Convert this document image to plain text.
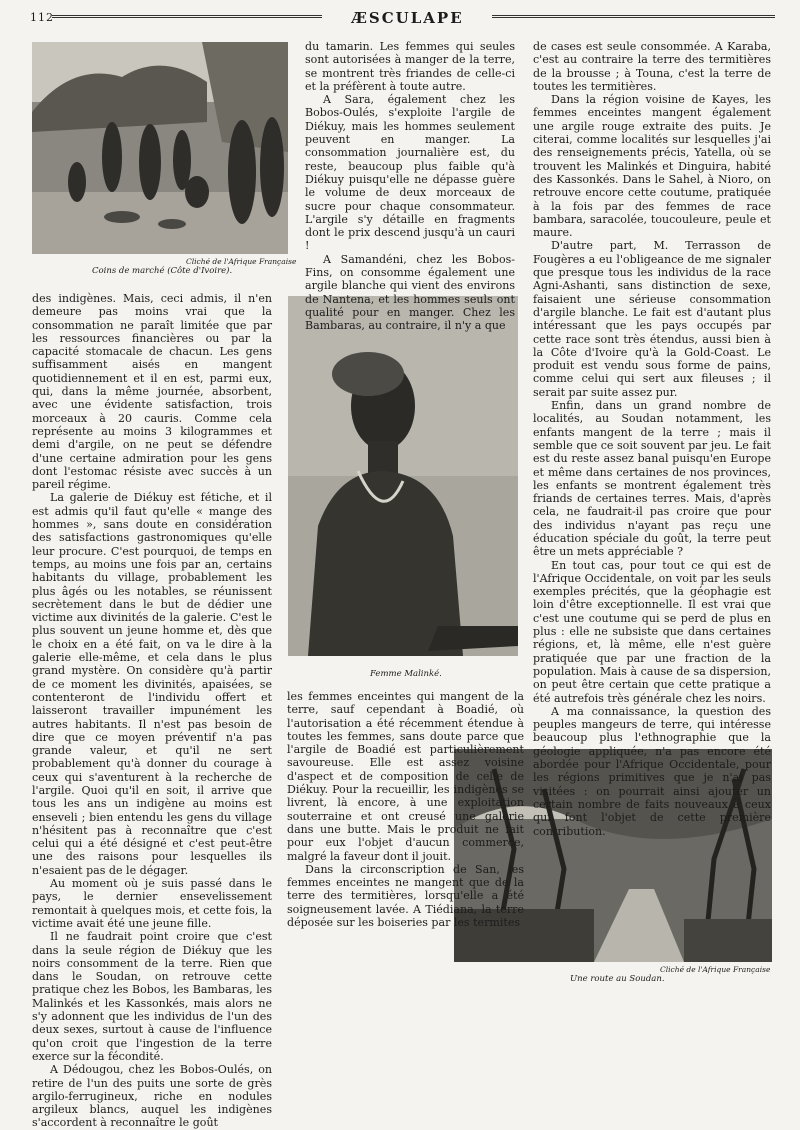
112	ÆSCULAPE
Cliché de l'Afrique Française
Coins de marché (Côte d'Ivoire).
Femme Malinké.
Cliché de l'Afrique Française
Une route au Soudan.

du tamarin. Les femmes qui seules sont autorisées à manger de la terre, se montrent très friandes de celle-ci et la préfèrent à toute autre.

A Sara, également chez les Bobos-Oulés, s'exploite l'argile de Diékuy, mais les hommes seulement peuvent en manger. La consommation journalière est, du reste, beaucoup plus faible qu'à Diékuy puisqu'elle ne dépasse guère le volume de deux morceaux de sucre pour chaque consommateur. L'argile s'y détaille en fragments dont le prix descend jusqu'à un cauri !

A Samandéni, chez les Bobos-Fins, on consomme également une argile blanche qui vient des environs de Nantena, et les hommes seuls ont qualité pour en manger. Chez les Bambaras, au contraire, il n'y a que

de cases est seule consommée. A Karaba, c'est au contraire la terre des termitières de la brousse ; à Touna, c'est la terre de toutes les termitières.

Dans la région voisine de Kayes, les femmes enceintes mangent également une argile rouge extraite des puits. Je citerai, comme localités sur lesquelles j'ai des renseignements précis, Yatella, où se trouvent les Malinkés et Dinguira, habité des Kassonkés. Dans le Sahel, à Nioro, on retrouve encore cette coutume, pratiquée à la fois par des femmes de race bambara, saracolée, toucouleure, peule et maure.

D'autre part, M. Terrasson de Fougères a eu l'obligeance de me signaler que presque tous les individus de la race Agni-Ashanti, sans distinction de sexe, faisaient une sérieuse consommation d'argile blanche. Le fait est d'autant plus intéressant que les pays occupés par cette race sont très étendus, aussi bien à la Côte d'Ivoire qu'à la Gold-Coast. Le produit est vendu sous forme de pains, comme celui qui sert aux fileuses ; il serait par suite assez pur.

Enfin, dans un grand nombre de localités, au Soudan notamment, les enfants mangent de la terre ; mais il semble que ce soit souvent par jeu. Le fait est du reste assez banal puisqu'en Europe et même dans certaines de nos provinces, les enfants se montrent également très friands de certaines terres. Mais, d'après cela, ne faudrait-il pas croire que pour des individus n'ayant pas reçu une éducation spéciale du goût, la terre peut être un mets appréciable ?

En tout cas, pour tout ce qui est de l'Afrique Occidentale, on voit par les seuls exemples précités, que la géophagie est loin d'être exceptionnelle. Il est vrai que c'est une coutume qui se perd de plus en plus : elle ne subsiste que dans certaines régions, et, là même, elle n'est guère pratiquée que par une fraction de la population. Mais à cause de sa dispersion, on peut être certain que cette pratique a été autrefois très générale chez les noirs.

A ma connaissance, la question des peuples mangeurs de terre, qui intéresse beaucoup plus l'ethnographie que la géologie appliquée, n'a pas encore été abordée pour l'Afrique Occidentale, pour les régions primitives que je n'ai pas visitées : on pourrait ainsi ajouter un certain nombre de faits nouveaux à ceux qui font l'objet de cette première contribution.

des indigènes. Mais, ceci admis, il n'en demeure pas moins vrai que la consommation ne paraît limitée que par les ressources financières ou par la capacité stomacale de chacun. Les gens suffisamment aisés en mangent quotidiennement et il en est, parmi eux, qui, dans la même journée, absorbent, avec une évidente satisfaction, trois morceaux à 20 cauris. Comme cela représente au moins 3 kilogrammes et demi d'argile, on ne peut se défendre d'une certaine admiration pour les gens dont l'estomac résiste avec succès à un pareil régime.

La galerie de Diékuy est fétiche, et il est admis qu'il faut qu'elle « mange des hommes », sans doute en considération des satisfactions gastronomiques qu'elle leur procure. C'est pourquoi, de temps en temps, au moins une fois par an, certains habitants du village, probablement les plus âgés ou les notables, se réunissent secrètement dans le but de dédier une victime aux divinités de la galerie. C'est le plus souvent un jeune homme et, dès que le choix en a été fait, on va le dire à la galerie elle-même, et cela dans le plus grand mystère. On considère qu'à partir de ce moment les divinités, apaisées, se contenteront de l'individu offert et laisseront travailler impunément les autres habitants. Il n'est pas besoin de dire que ce moyen préventif n'a pas grande valeur, et qu'il ne sert probablement qu'à donner du courage à ceux qui s'aventurent à la recherche de l'argile. Quoi qu'il en soit, il arrive que tous les ans un indigène au moins est enseveli ; bien entendu les gens du village n'hésitent pas à reconnaître que c'est celui qui a été désigné et c'est peut-être une des raisons pour lesquelles ils n'esaient pas de le dégager.

Au moment où je suis passé dans le pays, le dernier ensevelissement remontait à quelques mois, et cette fois, la victime avait été une jeune fille.

Il ne faudrait point croire que c'est dans la seule région de Diékuy que les noirs consomment de la terre. Rien que dans le Soudan, on retrouve cette pratique chez les Bobos, les Bambaras, les Malinkés et les Kassonkés, mais alors ne s'y adonnent que les individus de l'un des deux sexes, surtout à cause de l'influence qu'on croit que l'ingestion de la terre exerce sur la fécondité.

A Dédougou, chez les Bobos-Oulés, on retire de l'un des puits une sorte de grès argilo-ferrugineux, riche en nodules argileux blancs, auquel les indigènes s'accordent à reconnaître le goût

les femmes enceintes qui mangent de la terre, sauf cependant à Boadié, où l'autorisation a été récemment étendue à toutes les femmes, sans doute parce que l'argile de Boadié est particulièrement savoureuse. Elle est assez voisine d'aspect et de composition de celle de Diékuy. Pour la recueillir, les indigènes se livrent, là encore, à une exploitation souterraine et ont creusé une galerie dans une butte. Mais le produit ne fait pour eux l'objet d'aucun commerce, malgré la faveur dont il jouit.

Dans la circonscription de San, les femmes enceintes ne mangent que de la terre des termitières, lorsqu'elle a été soigneusement lavée. A Tiédiana, la terre déposée sur les boiseries par les termites
